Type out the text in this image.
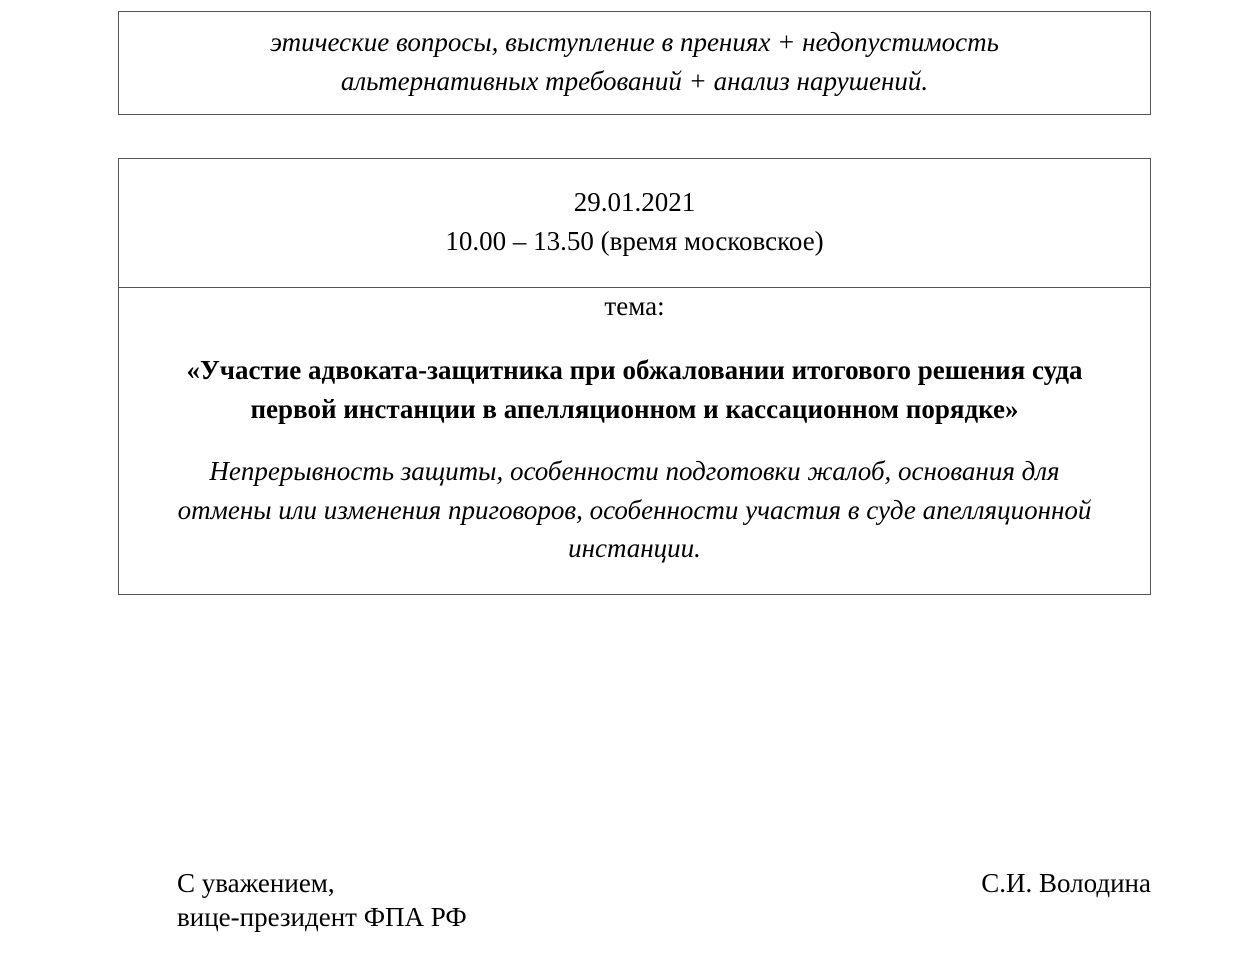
этические вопросы, выступление в прениях + недопустимость
альтернативных требований + анализ нарушений.
29.01.2021
10.00 – 13.50 (время московское)
тема:
«Участие адвоката-защитника при обжаловании итогового решения суда
первой инстанции в апелляционном и кассационном порядке»
Непрерывность защиты, особенности подготовки жалоб, основания для
отмены или изменения приговоров, особенности участия в суде апелляционной
инстанции.
С уважением,
вице-президент ФПА РФ
С.И. Володина
